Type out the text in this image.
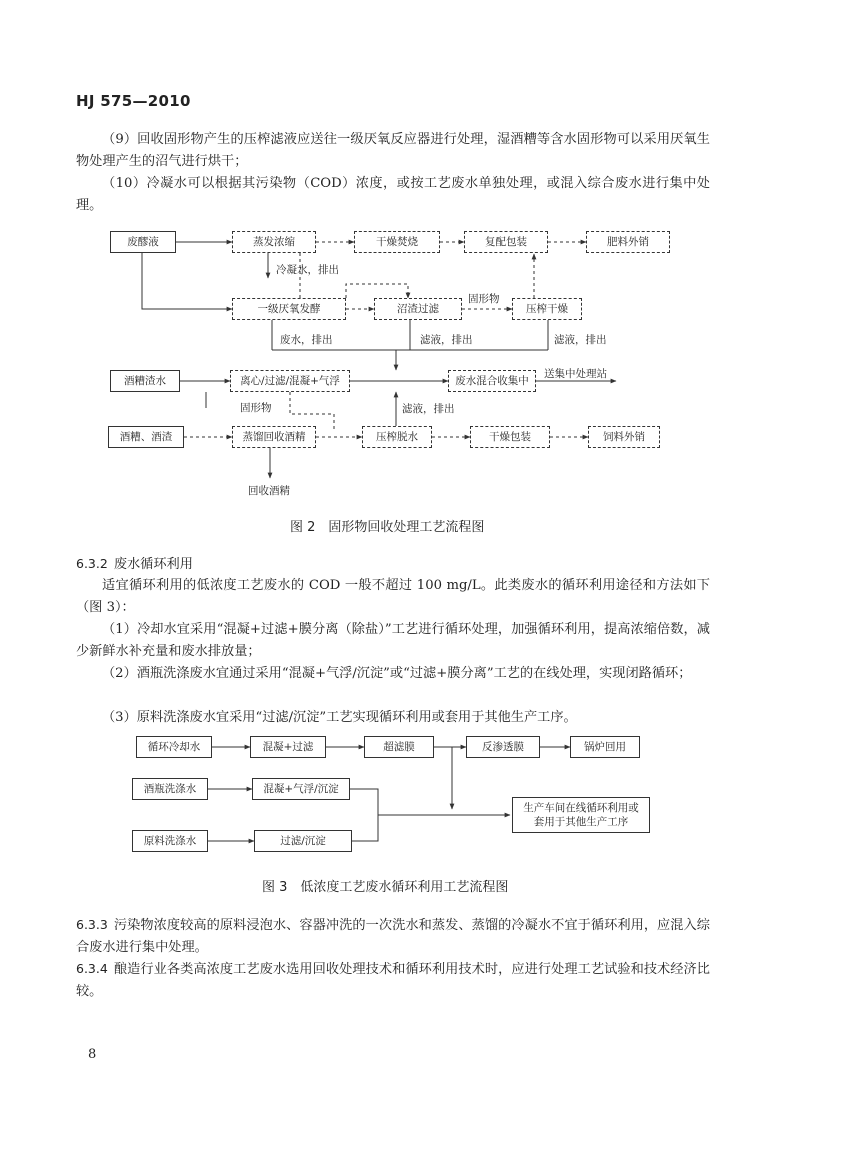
HJ 575—2010
（9）回收固形物产生的压榨滤液应送往一级厌氧反应器进行处理，湿酒糟等含水固形物可以采用厌氧生物处理产生的沼气进行烘干；
（10）冷凝水可以根据其污染物（COD）浓度，或按工艺废水单独处理，或混入综合废水进行集中处理。
废醪液	蒸发浓缩	干燥焚烧	复配包装	肥料外销
一级厌氧发酵	沼渣过滤	压榨干燥
酒糟渣水	离心/过滤/混凝+气浮	废水混合收集中
酒糟、酒渣	蒸馏回收酒精	压榨脱水	干燥包装	饲料外销
冷凝水，排出
固形物
废水，排出	滤液，排出	滤液，排出
送集中处理站
固形物	滤液，排出
回收酒精
图 2　固形物回收处理工艺流程图
6.3.2 废水循环利用
适宜循环利用的低浓度工艺废水的 COD 一般不超过 100 mg/L。此类废水的循环利用途径和方法如下（图 3）：
（1）冷却水宜采用“混凝+过滤+膜分离（除盐）”工艺进行循环处理，加强循环利用，提高浓缩倍数，减少新鲜水补充量和废水排放量；
（2）酒瓶洗涤废水宜通过采用“混凝+气浮/沉淀”或“过滤+膜分离”工艺的在线处理，实现闭路循环；
（3）原料洗涤废水宜采用“过滤/沉淀”工艺实现循环利用或套用于其他生产工序。
循环冷却水	混凝+过滤	超滤膜	反渗透膜	锅炉回用
酒瓶洗涤水	混凝+气浮/沉淀
生产车间在线循环利用或套用于其他生产工序
原料洗涤水	过滤/沉淀
图 3　低浓度工艺废水循环利用工艺流程图
6.3.3 污染物浓度较高的原料浸泡水、容器冲洗的一次洗水和蒸发、蒸馏的冷凝水不宜于循环利用，应混入综合废水进行集中处理。
6.3.4 酿造行业各类高浓度工艺废水选用回收处理技术和循环利用技术时，应进行处理工艺试验和技术经济比较。
8
